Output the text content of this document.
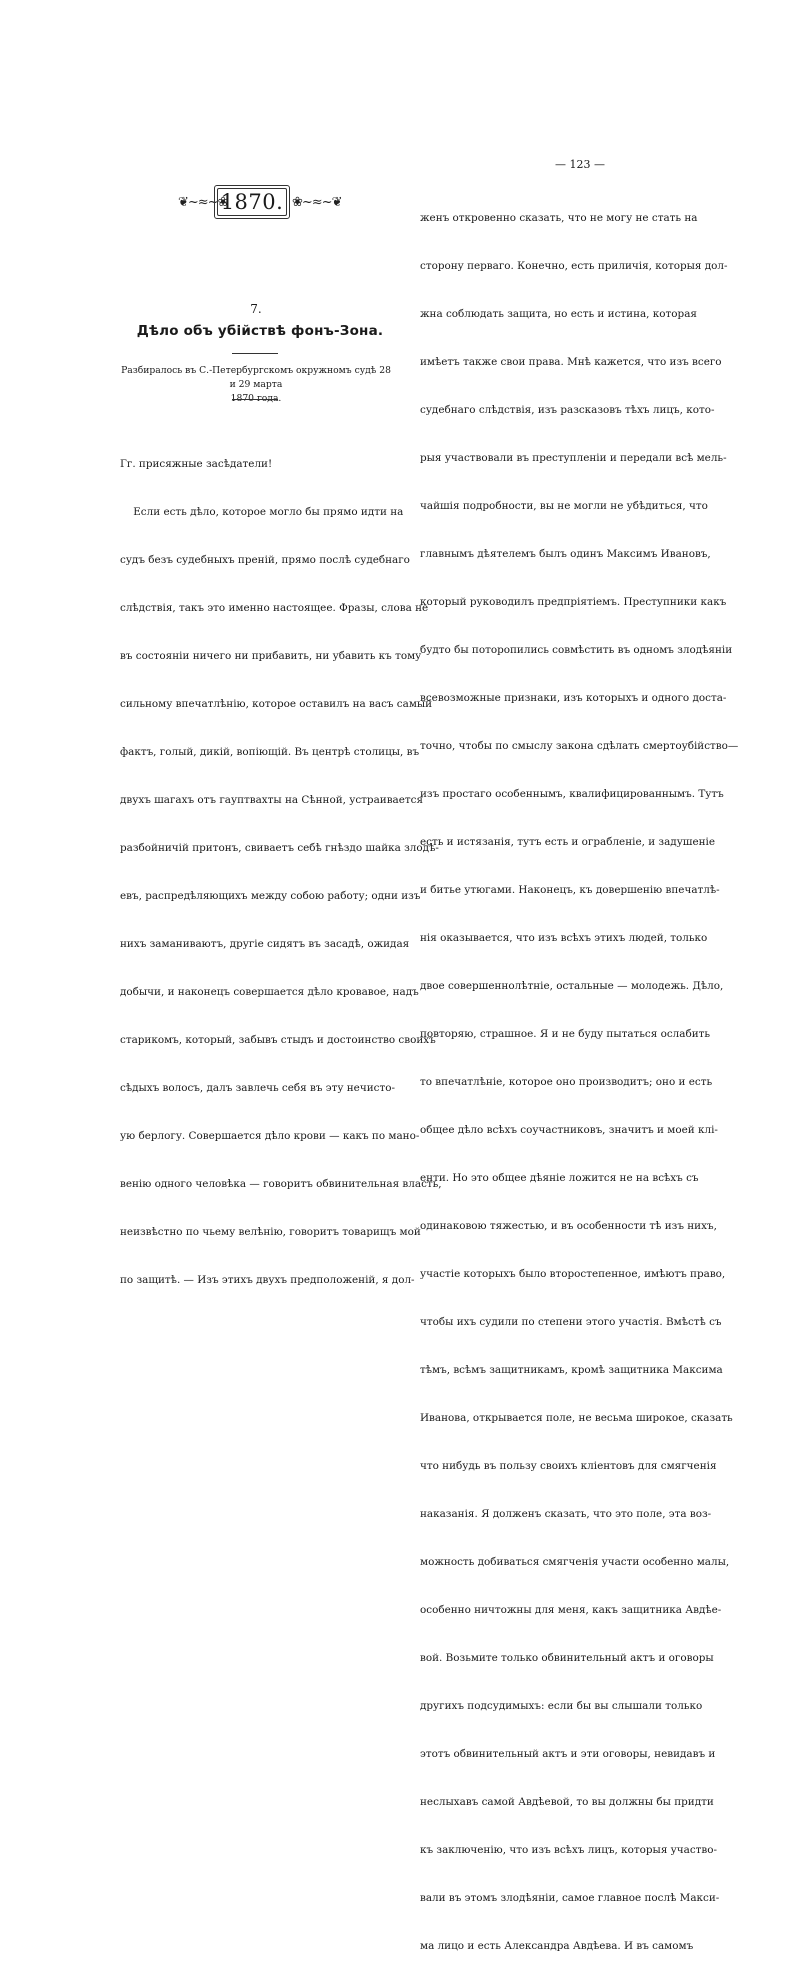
❦~≈~❀
1870. ❀~≈~❦
7.
Дѣло объ убійствѣ фонъ-Зона.
Разбиралось въ С.-Петербургскомъ окружномъ судѣ 28 и 29 марта
1870 года.

Гг. присяжные засѣдатели!

Если есть дѣло, которое могло бы прямо идти на

судъ безъ судебныхъ преній, прямо послѣ судебнаго

слѣдствія, такъ это именно настоящее. Фразы, слова не

въ состояніи ничего ни прибавить, ни убавить къ тому

сильному впечатлѣнію, которое оставилъ на васъ самый

фактъ, голый, дикій, вопіющій. Въ центрѣ столицы, въ

двухъ шагахъ отъ гауптвахты на Сѣнной, устраивается

разбойничій притонъ, свиваетъ себѣ гнѣздо шайка злодѣ-

евъ, распредѣляющихъ между собою работу; одни изъ

нихъ заманиваютъ, другіе сидятъ въ засадѣ, ожидая

добычи, и наконецъ совершается дѣло кровавое, надъ

старикомъ, который, забывъ стыдъ и достоинство своихъ

сѣдыхъ волосъ, далъ завлечь себя въ эту нечисто-

ую берлогу. Совершается дѣло крови — какъ по мано-

венію одного человѣка — говоритъ обвинительная власть,

неизвѣстно по чьему велѣнію, говоритъ товарищъ мой

по защитѣ. — Изъ этихъ двухъ предположеній, я дол-

— 123 —

женъ откровенно сказать, что не могу не стать на

сторону перваго. Конечно, есть приличія, которыя дол-

жна соблюдать защита, но есть и истина, которая

имѣетъ также свои права. Мнѣ кажется, что изъ всего

судебнаго слѣдствія, изъ разсказовъ тѣхъ лицъ, кото-

рыя участвовали въ преступленіи и передали всѣ мель-

чайшія подробности, вы не могли не убѣдиться, что

главнымъ дѣятелемъ былъ одинъ Максимъ Ивановъ,

который руководилъ предпріятіемъ. Преступники какъ

будто бы поторопились совмѣстить въ одномъ злодѣяніи

всевозможные признаки, изъ которыхъ и одного доста-

точно, чтобы по смыслу закона сдѣлать смертоубійство—

изъ простаго особеннымъ, квалифицированнымъ. Тутъ

есть и истязанія, тутъ есть и ограбленіе, и задушеніе

и битье утюгами. Наконецъ, къ довершенію впечатлѣ-

нія оказывается, что изъ всѣхъ этихъ людей, только

двое совершеннолѣтніе, остальные — молодежь. Дѣло,

повторяю, страшное. Я и не буду пытаться ослабить

то впечатлѣніе, которое оно производитъ; оно и есть

общее дѣло всѣхъ соучастниковъ, значитъ и моей клі-

енти. Но это общее дѣяніе ложится не на всѣхъ съ

одинаковою тяжестью, и въ особенности тѣ изъ нихъ,

участіе которыхъ было второстепенное, имѣютъ право,

чтобы ихъ судили по степени этого участія. Вмѣстѣ съ

тѣмъ, всѣмъ защитникамъ, кромѣ защитника Максима

Иванова, открывается поле, не весьма широкое, сказать

что нибудь въ пользу своихъ кліентовъ для смягченія

наказанія. Я долженъ сказать, что это поле, эта воз-

можность добиваться смягченія участи особенно малы,

особенно ничтожны для меня, какъ защитника Авдѣе-

вой. Возьмите только обвинительный актъ и оговоры

другихъ подсудимыхъ: если бы вы слышали только

этотъ обвинительный актъ и эти оговоры, невидавъ и

неслыхавъ самой Авдѣевой, то вы должны бы придти

къ заключенію, что изъ всѣхъ лицъ, которыя участво-

вали въ этомъ злодѣяніи, самое главное послѣ Макси-

ма лицо и есть Александра Авдѣева. И въ самомъ
